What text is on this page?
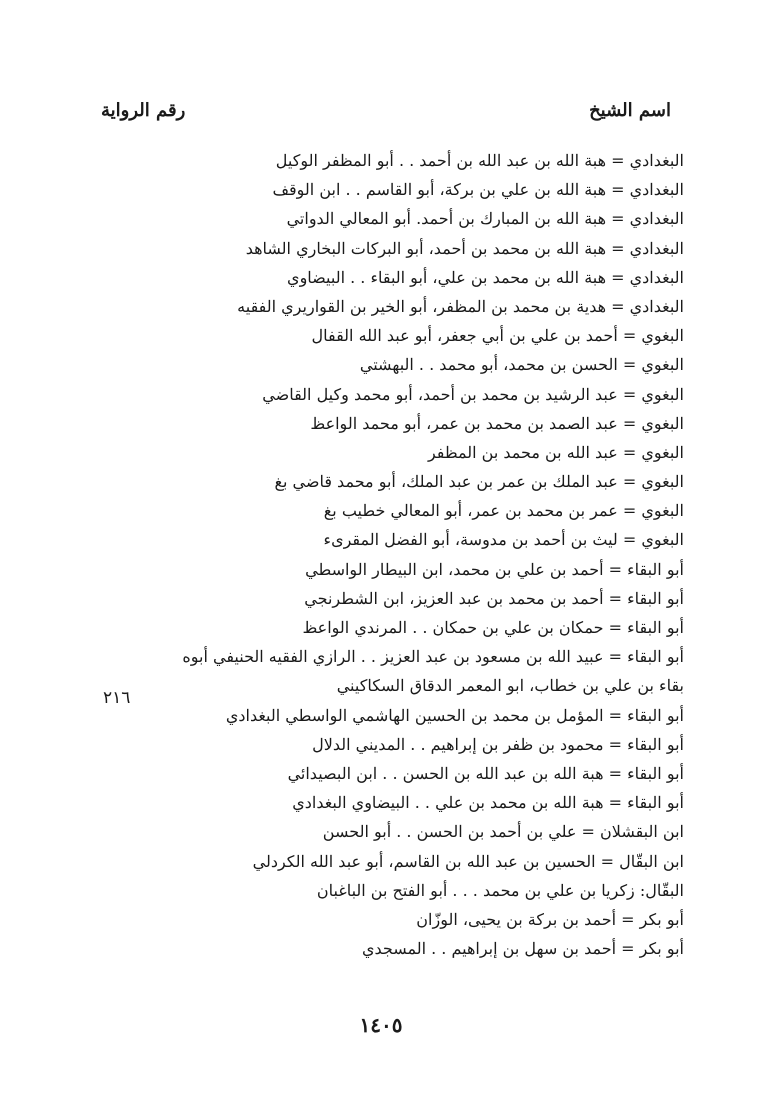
اسم الشيخ
رقم الرواية
البغدادي = هبة الله بن عبد الله بن أحمد . . أبو المظفر الوكيل
البغدادي = هبة الله بن علي بن بركة، أبو القاسم . . ابن الوقف
البغدادي = هبة الله بن المبارك بن أحمد. أبو المعالي الدواتي
البغدادي = هبة الله بن محمد بن أحمد، أبو البركات البخاري الشاهد
البغدادي = هبة الله بن محمد بن علي، أبو البقاء . . البيضاوي
البغدادي = هدية بن محمد بن المظفر، أبو الخير بن القواريري الفقيه
البغوي = أحمد بن علي بن أبي جعفر، أبو عبد الله القفال
البغوي = الحسن بن محمد، أبو محمد . . البهشتي
البغوي = عبد الرشيد بن محمد بن أحمد، أبو محمد وكيل القاضي
البغوي = عبد الصمد بن محمد بن عمر، أبو محمد الواعظ
البغوي = عبد الله بن محمد بن المظفر
البغوي = عبد الملك بن عمر بن عبد الملك، أبو محمد قاضي بغ
البغوي = عمر بن محمد بن عمر، أبو المعالي خطيب بغ
البغوي = ليث بن أحمد بن مدوسة، أبو الفضل المقرىء
أبو البقاء = أحمد بن علي بن محمد، ابن البيطار الواسطي
أبو البقاء = أحمد بن محمد بن عبد العزيز، ابن الشطرنجي
أبو البقاء = حمكان بن علي بن حمكان . . المرندي الواعظ
أبو البقاء = عبيد الله بن مسعود بن عبد العزيز . . الرازي الفقيه الحنيفي أبوه
بقاء بن علي بن خطاب، ابو المعمر الدقاق السكاكيني
أبو البقاء = المؤمل بن محمد بن الحسين الهاشمي الواسطي البغدادي
أبو البقاء = محمود بن ظفر بن إبراهيم . . المديني الدلال
أبو البقاء = هبة الله بن عبد الله بن الحسن . . ابن البصيدائي
أبو البقاء = هبة الله بن محمد بن علي . . البيضاوي البغدادي
ابن البقشلان = علي بن أحمد بن الحسن . . أبو الحسن
ابن البقّال = الحسين بن عبد الله بن القاسم، أبو عبد الله الكردلي
البقّال: زكريا بن علي بن محمد . . . أبو الفتح بن الباغبان
أبو بكر = أحمد بن بركة بن يحيى، الوزّان
أبو بكر = أحمد بن سهل بن إبراهيم . . المسجدي
٢١٦
١٤٠٥
